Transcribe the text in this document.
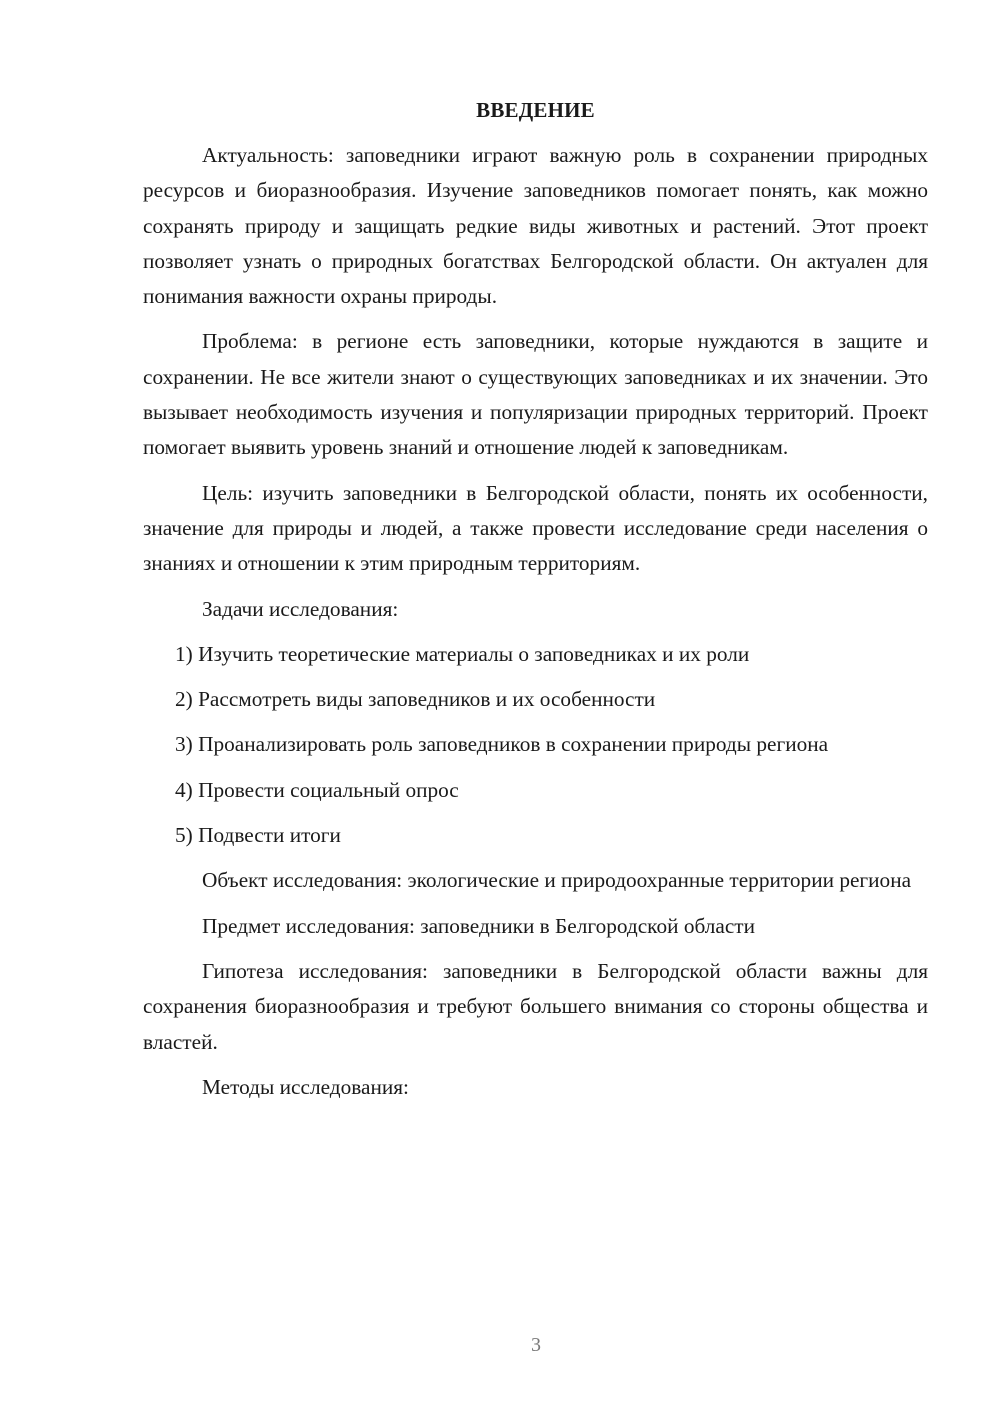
ВВЕДЕНИЕ

Актуальность: заповедники играют важную роль в сохранении природных ресурсов и биоразнообразия. Изучение заповедников помогает понять, как можно сохранять природу и защищать редкие виды животных и растений. Этот проект позволяет узнать о природных богатствах Белгородской области. Он актуален для понимания важности охраны природы.

Проблема: в регионе есть заповедники, которые нуждаются в защите и сохранении. Не все жители знают о существующих заповедниках и их значении. Это вызывает необходимость изучения и популяризации природных территорий. Проект помогает выявить уровень знаний и отношение людей к заповедникам.

Цель: изучить заповедники в Белгородской области, понять их особенности, значение для природы и людей, а также провести исследование среди населения о знаниях и отношении к этим природным территориям.

Задачи исследования:

1) Изучить теоретические материалы о заповедниках и их роли

2) Рассмотреть виды заповедников и их особенности

3) Проанализировать роль заповедников в сохранении природы региона

4) Провести социальный опрос

5) Подвести итоги

Объект исследования: экологические и природоохранные территории региона

Предмет исследования: заповедники в Белгородской области

Гипотеза исследования: заповедники в Белгородской области важны для сохранения биоразнообразия и требуют большего внимания со стороны общества и властей.

Методы исследования:

3
